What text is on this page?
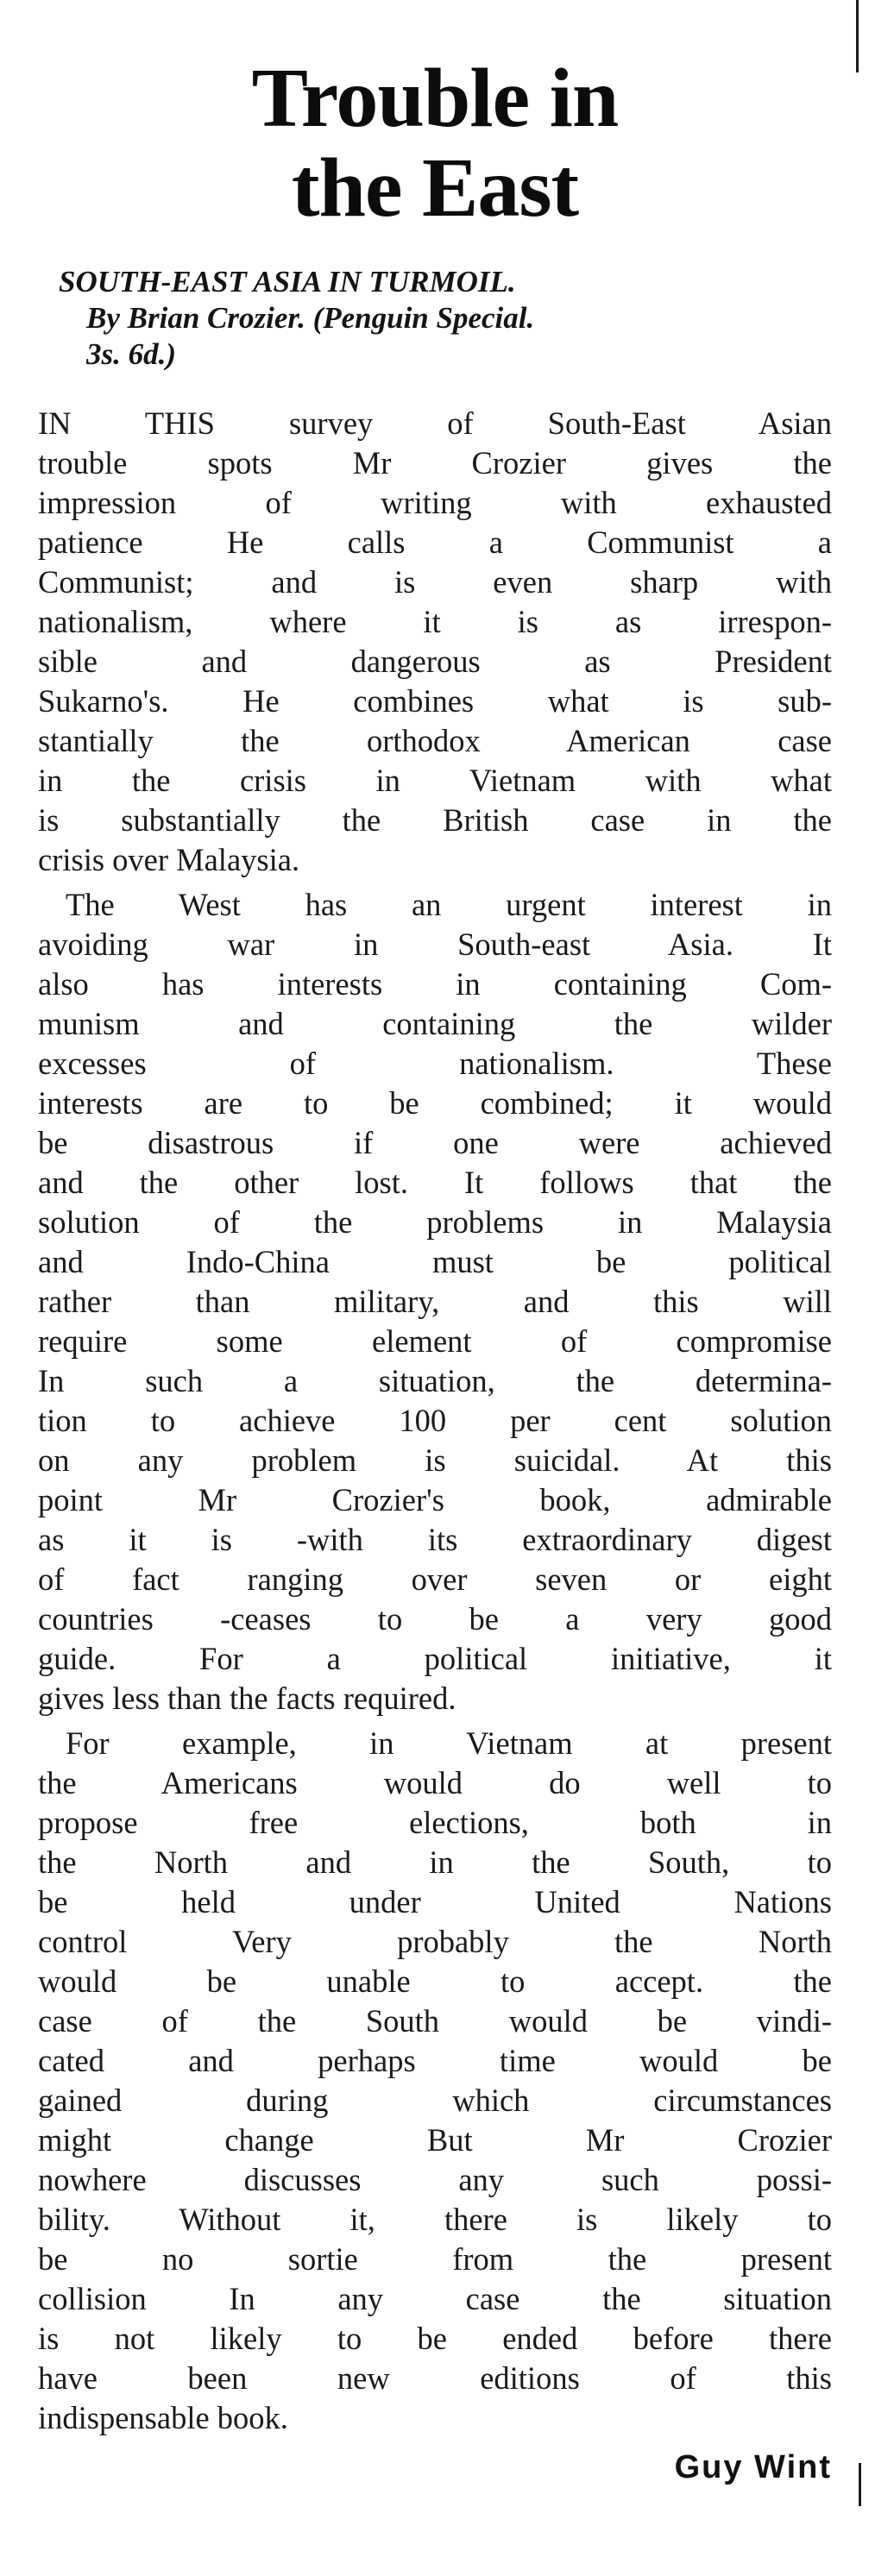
Trouble in
the East
SOUTH-EAST ASIA IN TURMOIL.
By Brian Crozier. (Penguin Special.
3s. 6d.)
IN THIS survey of South-East Asian
trouble spots Mr Crozier gives the
impression of writing with exhausted
patience He calls a Communist a
Communist; and is even sharp with
nationalism, where it is as irrespon-
sible and dangerous as President
Sukarno's. He combines what is sub-
stantially the orthodox American case
in the crisis in Vietnam with what
is substantially the British case in the
crisis over Malaysia.
The West has an urgent interest in
avoiding war in South-east Asia. It
also has interests in containing Com-
munism and containing the wilder
excesses of nationalism. These
interests are to be combined; it would
be disastrous if one were achieved
and the other lost. It follows that the
solution of the problems in Malaysia
and Indo-China must be political
rather than military, and this will
require some element of compromise
In such a situation, the determina-
tion to achieve 100 per cent solution
on any problem is suicidal. At this
point Mr Crozier's book, admirable
as it is -with its extraordinary digest
of fact ranging over seven or eight
countries -ceases to be a very good
guide. For a political initiative, it
gives less than the facts required.
For example, in Vietnam at present
the Americans would do well to
propose free elections, both in
the North and in the South, to
be held under United Nations
control Very probably the North
would be unable to accept. the
case of the South would be vindi-
cated and perhaps time would be
gained during which circumstances
might change But Mr Crozier
nowhere discusses any such possi-
bility. Without it, there is likely to
be no sortie from the present
collision In any case the situation
is not likely to be ended before there
have been new editions of this
indispensable book.
Guy Wint
